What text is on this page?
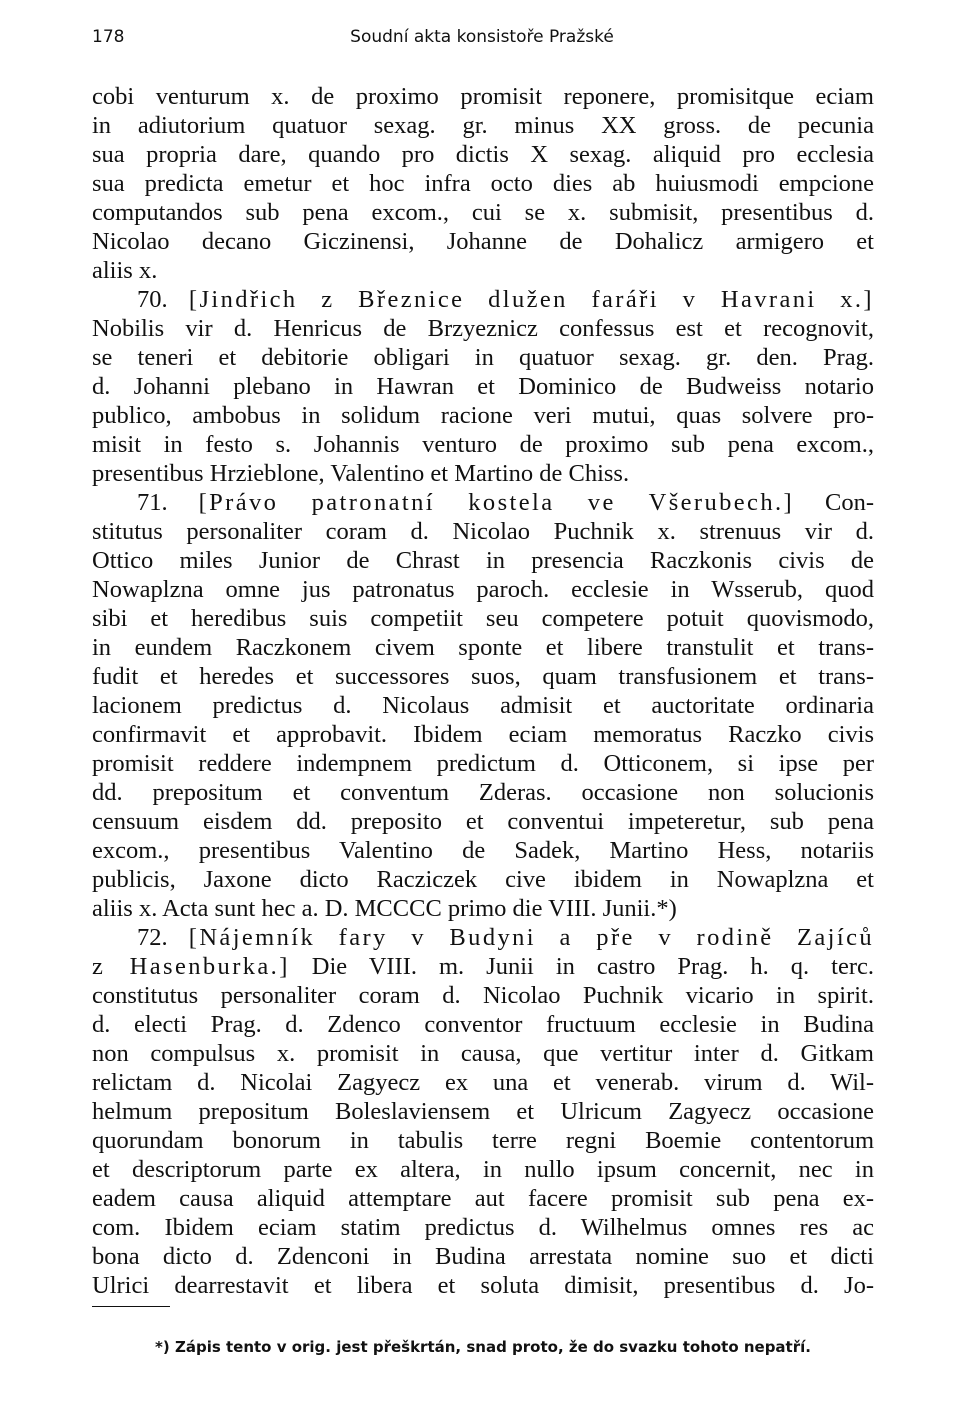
178	Soudní akta konsistoře Pražské
cobi venturum x. de proximo promisit reponere, promisitque eciam
in adiutorium quatuor sexag. gr. minus XX gross. de pecunia
sua propria dare, quando pro dictis X sexag. aliquid pro ecclesia
sua predicta emetur et hoc infra octo dies ab huiusmodi empcione
computandos sub pena excom., cui se x. submisit, presentibus d.
Nicolao decano Giczinensi, Johanne de Dohalicz armigero et
aliis x.
70. [Jindřich z Březnice dlužen faráři v Havrani x.]
Nobilis vir d. Henricus de Brzyeznicz confessus est et recognovit,
se teneri et debitorie obligari in quatuor sexag. gr. den. Prag.
d. Johanni plebano in Hawran et Dominico de Budweiss notario
publico, ambobus in solidum racione veri mutui, quas solvere pro-
misit in festo s. Johannis venturo de proximo sub pena excom.,
presentibus Hrzieblone, Valentino et Martino de Chiss.
71. [Právo patronatní kostela ve Všerubech.] Con-
stitutus personaliter coram d. Nicolao Puchnik x. strenuus vir d.
Ottico miles Junior de Chrast in presencia Raczkonis civis de
Nowaplzna omne jus patronatus paroch. ecclesie in Wsserub, quod
sibi et heredibus suis competiit seu competere potuit quovismodo,
in eundem Raczkonem civem sponte et libere transtulit et trans-
fudit et heredes et successores suos, quam transfusionem et trans-
lacionem predictus d. Nicolaus admisit et auctoritate ordinaria
confirmavit et approbavit. Ibidem eciam memoratus Raczko civis
promisit reddere indempnem predictum d. Otticonem, si ipse per
dd. prepositum et conventum Zderas. occasione non solucionis
censuum eisdem dd. preposito et conventui impeteretur, sub pena
excom., presentibus Valentino de Sadek, Martino Hess, notariis
publicis, Jaxone dicto Racziczek cive ibidem in Nowaplzna et
aliis x. Acta sunt hec a. D. MCCCC primo die VIII. Junii.*)
72. [Nájemník fary v Budyni a pře v rodině Zajíců
z Hasenburka.] Die VIII. m. Junii in castro Prag. h. q. terc.
constitutus personaliter coram d. Nicolao Puchnik vicario in spirit.
d. electi Prag. d. Zdenco conventor fructuum ecclesie in Budina
non compulsus x. promisit in causa, que vertitur inter d. Gitkam
relictam d. Nicolai Zagyecz ex una et venerab. virum d. Wil-
helmum prepositum Boleslaviensem et Ulricum Zagyecz occasione
quorundam bonorum in tabulis terre regni Boemie contentorum
et descriptorum parte ex altera, in nullo ipsum concernit, nec in
eadem causa aliquid attemptare aut facere promisit sub pena ex-
com. Ibidem eciam statim predictus d. Wilhelmus omnes res ac
bona dicto d. Zdenconi in Budina arrestata nomine suo et dicti
Ulrici dearrestavit et libera et soluta dimisit, presentibus d. Jo-
*) Zápis tento v orig. jest přeškrtán, snad proto, že do svazku tohoto nepatří.
